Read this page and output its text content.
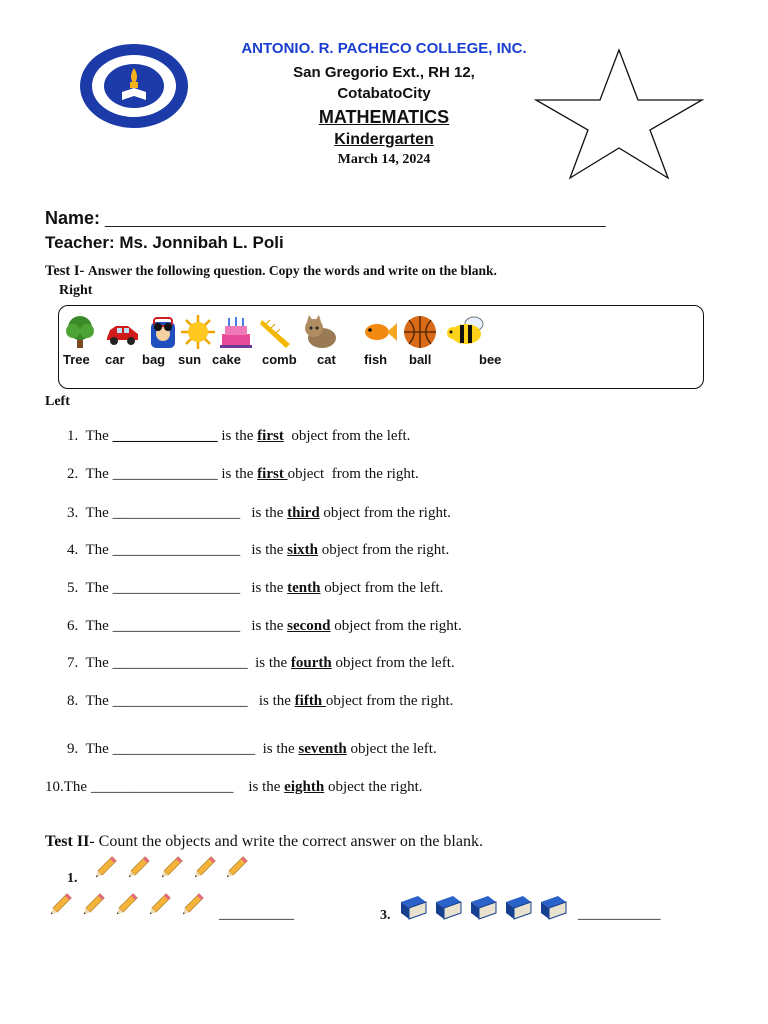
1997
ANTONIO. R. PACHECO COLLEGE, INC.
San Gregorio Ext., RH 12,
CotabatoCity
MATHEMATICS
Kindergarten
March 14, 2024
Name: ____________________________________________________________
Teacher: Ms. Jonnibah L. Poli
Test I- Answer the following question. Copy the words and write on the blank.
Right
Tree car bag sun cake comb cat fish ball	bee
Left
1.  The ______________ is the first  object from the left.
2.  The ______________ is the first object  from the right.
3.  The _________________   is the third object from the right.
4.  The _________________   is the sixth object from the right.
5.  The _________________   is the tenth object from the left.
6.  The _________________   is the second object from the right.
7.  The __________________  is the fourth object from the left.
8.  The __________________   is the fifth object from the right.
9.  The ___________________  is the seventh object the left.
10.The ___________________    is the eighth object the right.
Test II- Count the objects and write the correct answer on the blank.
1.
__________	3.	___________
